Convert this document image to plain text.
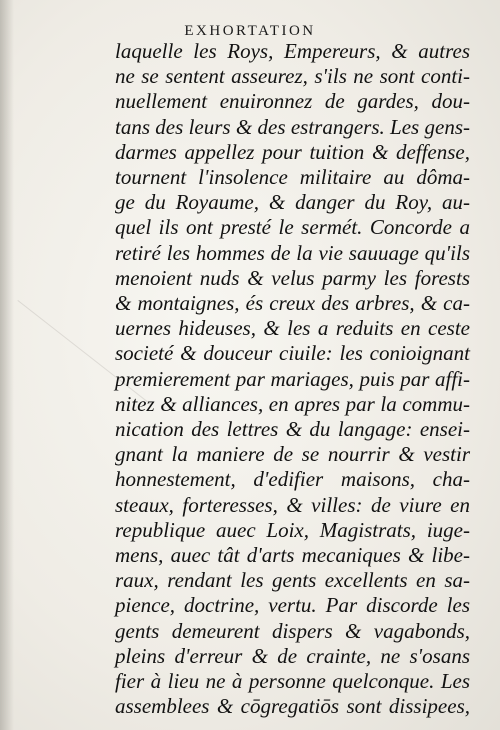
EXHORTATION
laquelle les Roys, Empereurs, & autres
ne se sentent asseurez, s'ils ne sont conti-
nuellement enuironnez de gardes, dou-
tans des leurs & des estrangers. Les gens-
darmes appellez pour tuition & deffense,
tournent l'insolence militaire au dôma-
ge du Royaume, & danger du Roy, au-
quel ils ont presté le sermét. Concorde a
retiré les hommes de la vie sauuage qu'ils
menoient nuds & velus parmy les forests
& montaignes, és creux des arbres, & ca-
uernes hideuses, & les a reduits en ceste
societé & douceur ciuile: les conioignant
premierement par mariages, puis par affi-
nitez & alliances, en apres par la commu-
nication des lettres & du langage: ensei-
gnant la maniere de se nourrir & vestir
honnestement, d'edifier maisons, cha-
steaux, forteresses, & villes: de viure en
republique auec Loix, Magistrats, iuge-
mens, auec tât d'arts mecaniques & libe-
raux, rendant les gents excellents en sa-
pience, doctrine, vertu. Par discorde les
gents demeurent dispers & vagabonds,
pleins d'erreur & de crainte, ne s'osans
fier à lieu ne à personne quelconque. Les
assemblees & cōgregatiōs sont dissipees,
